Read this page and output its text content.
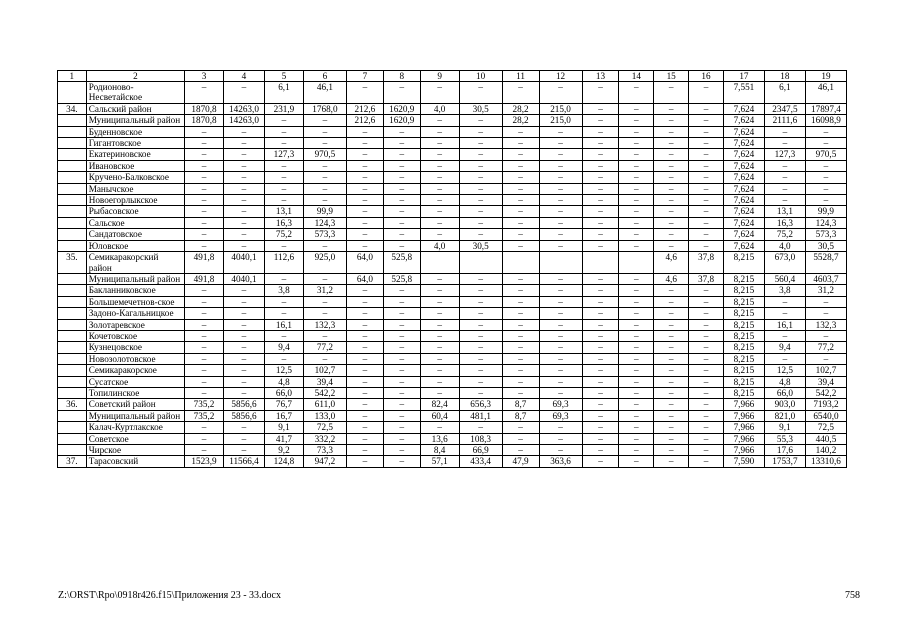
1	2	3	4	5	6	7	8	9	10	11	12	13	14	15	16	17	18	19
	Родионово-Несветайское	–	–	6,1	46,1	–	–	–	–	–	–	–	–	–	–	7,551	6,1	46,1
34.	Сальский район	1870,8	14263,0	231,9	1768,0	212,6	1620,9	4,0	30,5	28,2	215,0	–	–	–	–	7,624	2347,5	17897,4
	Муниципальный район	1870,8	14263,0	–	–	212,6	1620,9	–	–	28,2	215,0	–	–	–	–	7,624	2111,6	16098,9
	Буденновское	–	–	–	–	–	–	–	–	–	–	–	–	–	–	7,624	–	–
	Гигантовское	–	–	–	–	–	–	–	–	–	–	–	–	–	–	7,624	–	–
	Екатериновское	–	–	127,3	970,5	–	–	–	–	–	–	–	–	–	–	7,624	127,3	970,5
	Ивановское	–	–	–	–	–	–	–	–	–	–	–	–	–	–	7,624	–	–
	Кручено-Балковское	–	–	–	–	–	–	–	–	–	–	–	–	–	–	7,624	–	–
	Манычское	–	–	–	–	–	–	–	–	–	–	–	–	–	–	7,624	–	–
	Новоегорлыкское	–	–	–	–	–	–	–	–	–	–	–	–	–	–	7,624	–	–
	Рыбасовское	–	–	13,1	99,9	–	–	–	–	–	–	–	–	–	–	7,624	13,1	99,9
	Сальское	–	–	16,3	124,3	–	–	–	–	–	–	–	–	–	–	7,624	16,3	124,3
	Сандатовское	–	–	75,2	573,3	–	–	–	–	–	–	–	–	–	–	7,624	75,2	573,3
	Юловское	–	–	–	–	–	–	4,0	30,5	–	–	–	–	–	–	7,624	4,0	30,5
35.	Семикаракорский район	491,8	4040,1	112,6	925,0	64,0	525,8							4,6	37,8	8,215	673,0	5528,7
	Муниципальный район	491,8	4040,1	–	–	64,0	525,8	–	–	–	–	–	–	4,6	37,8	8,215	560,4	4603,7
	Бакланниковское	–	–	3,8	31,2	–	–	–	–	–	–	–	–	–	–	8,215	3,8	31,2
	Большемечетнов-ское	–	–	–	–	–	–	–	–	–	–	–	–	–	–	8,215	–	–
	Задоно-Кагальницкое	–	–	–	–	–	–	–	–	–	–	–	–	–	–	8,215	–	–
	Золотаревское	–	–	16,1	132,3	–	–	–	–	–	–	–	–	–	–	8,215	16,1	132,3
	Кочетовское	–	–	–	–	–	–	–	–	–	–	–	–	–	–	8,215	–	–
	Кузнецовское	–	–	9,4	77,2	–	–	–	–	–	–	–	–	–	–	8,215	9,4	77,2
	Новозолотовское	–	–	–	–	–	–	–	–	–	–	–	–	–	–	8,215	–	–
	Семикаракорское	–	–	12,5	102,7	–	–	–	–	–	–	–	–	–	–	8,215	12,5	102,7
	Сусатское	–	–	4,8	39,4	–	–	–	–	–	–	–	–	–	–	8,215	4,8	39,4
	Топилинское	–	–	66,0	542,2	–	–	–	–	–	–	–	–	–	–	8,215	66,0	542,2
36.	Советский район	735,2	5856,6	76,7	611,0	–	–	82,4	656,3	8,7	69,3	–	–	–	–	7,966	903,0	7193,2
	Муниципальный район	735,2	5856,6	16,7	133,0	–	–	60,4	481,1	8,7	69,3	–	–	–	–	7,966	821,0	6540,0
	Калач-Куртлакское	–	–	9,1	72,5	–	–	–	–	–	–	–	–	–	–	7,966	9,1	72,5
	Советское	–	–	41,7	332,2	–	–	13,6	108,3	–	–	–	–	–	–	7,966	55,3	440,5
	Чирское	–	–	9,2	73,3	–	–	8,4	66,9	–	–	–	–	–	–	7,966	17,6	140,2
37.	Тарасовский	1523,9	11566,4	124,8	947,2	–	–	57,1	433,4	47,9	363,6	–	–	–	–	7,590	1753,7	13310,6
Z:\ORST\Rpo\0918r426.f15\Приложения 23 - 33.docx	758
